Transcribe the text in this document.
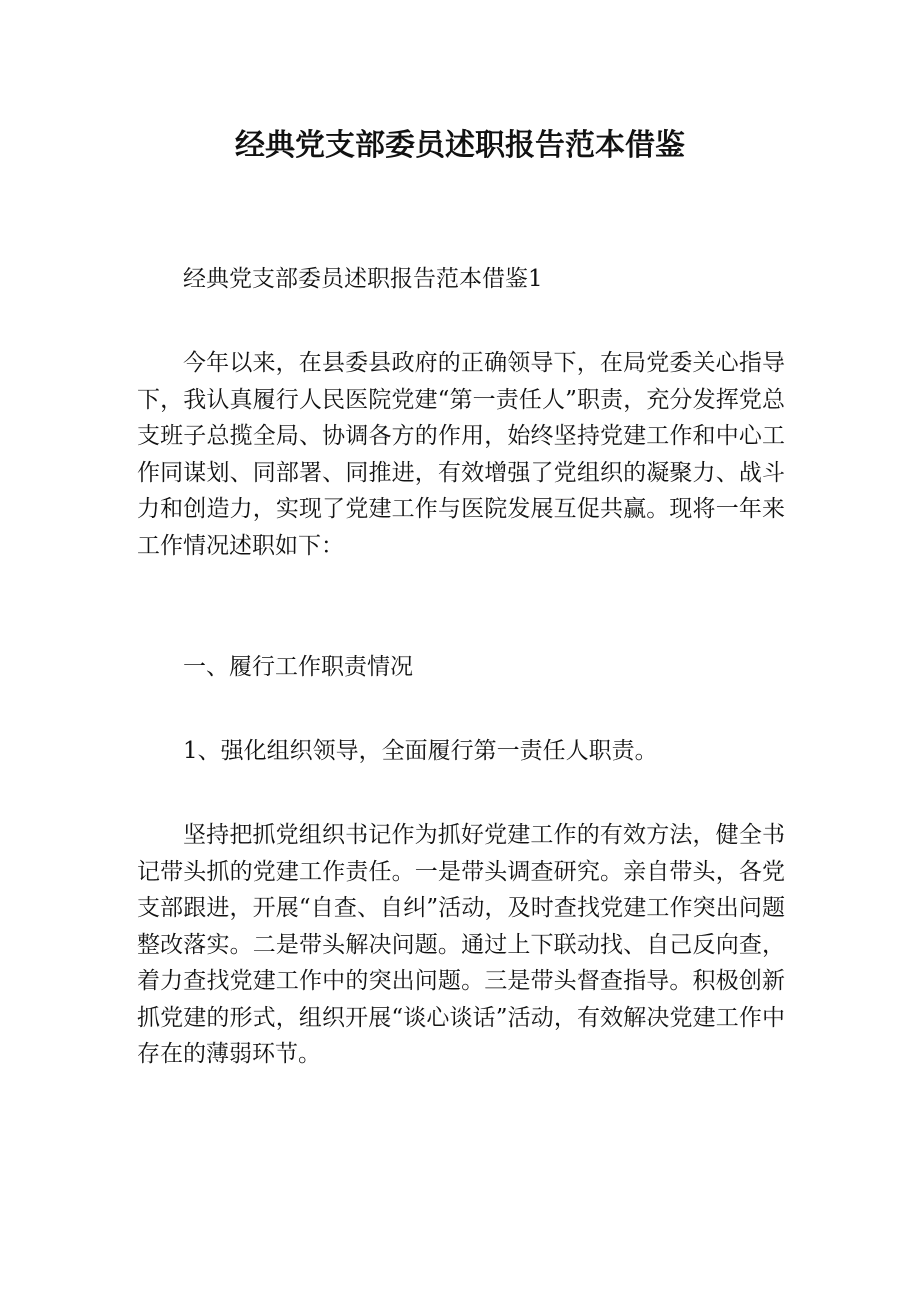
经典党支部委员述职报告范本借鉴

经典党支部委员述职报告范本借鉴1

今年以来，在县委县政府的正确领导下，在局党委关心指导下，我认真履行人民医院党建“第一责任人”职责，充分发挥党总支班子总揽全局、协调各方的作用，始终坚持党建工作和中心工作同谋划、同部署、同推进，有效增强了党组织的凝聚力、战斗力和创造力，实现了党建工作与医院发展互促共赢。现将一年来工作情况述职如下：

一、履行工作职责情况

1、强化组织领导，全面履行第一责任人职责。

坚持把抓党组织书记作为抓好党建工作的有效方法，健全书记带头抓的党建工作责任。一是带头调查研究。亲自带头，各党支部跟进，开展“自查、自纠”活动，及时查找党建工作突出问题整改落实。二是带头解决问题。通过上下联动找、自己反向查，着力查找党建工作中的突出问题。三是带头督查指导。积极创新抓党建的形式，组织开展“谈心谈话”活动，有效解决党建工作中存在的薄弱环节。
